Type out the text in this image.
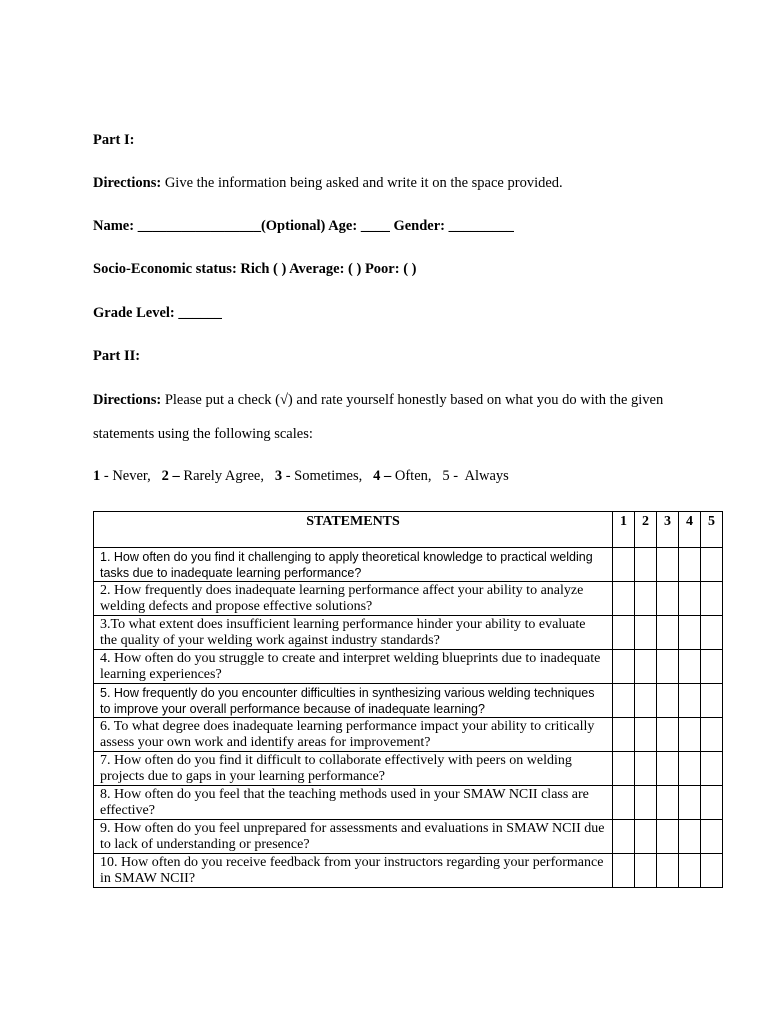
Part I:
Directions: Give the information being asked and write it on the space provided.
Name: _________________(Optional) Age: ____ Gender: _________
Socio-Economic status: Rich ( ) Average: ( ) Poor: ( )
Grade Level: ______
Part II:
Directions: Please put a check (√) and rate yourself honestly based on what you do with the given
statements using the following scales:
1 - Never,   2 – Rarely Agree,   3 - Sometimes,   4 – Often,   5 -  Always
STATEMENTS	1	2	3	4	5
1. How often do you find it challenging to apply theoretical knowledge to practical welding tasks due to inadequate learning performance?					
2. How frequently does inadequate learning performance affect your ability to analyze welding defects and propose effective solutions?					
3.To what extent does insufficient learning performance hinder your ability to evaluate the quality of your welding work against industry standards?					
4. How often do you struggle to create and interpret welding blueprints due to inadequate learning experiences?					
5. How frequently do you encounter difficulties in synthesizing various welding techniques to improve your overall performance because of inadequate learning?					
6. To what degree does inadequate learning performance impact your ability to critically assess your own work and identify areas for improvement?					
7. How often do you find it difficult to collaborate effectively with peers on welding projects due to gaps in your learning performance?					
8. How often do you feel that the teaching methods used in your SMAW NCII class are effective?					
9. How often do you feel unprepared for assessments and evaluations in SMAW NCII due to lack of understanding or presence?					
10. How often do you receive feedback from your instructors regarding your performance in SMAW NCII?					
